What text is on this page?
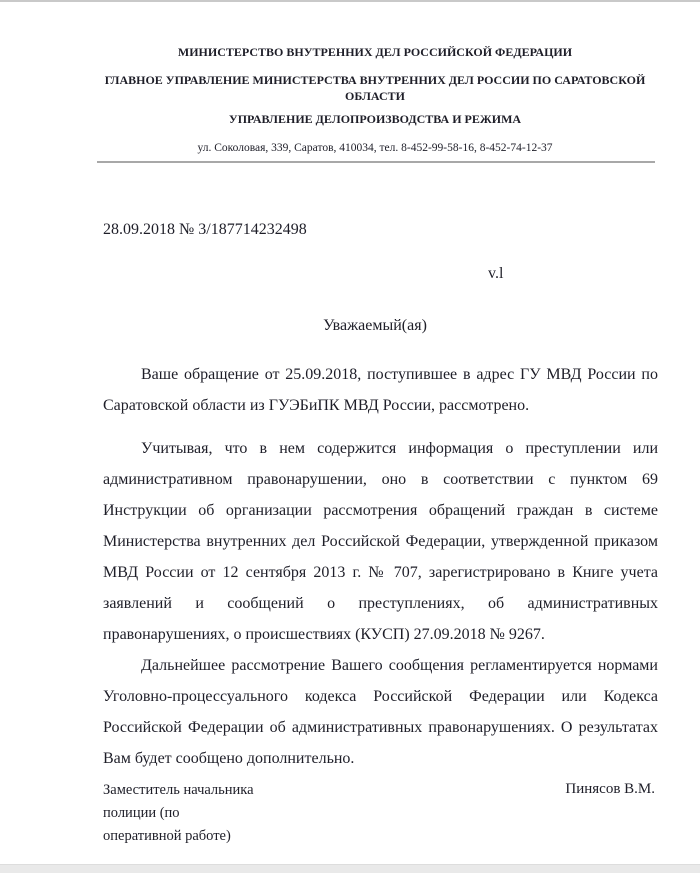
МИНИСТЕРСТВО ВНУТРЕННИХ ДЕЛ РОССИЙСКОЙ ФЕДЕРАЦИИ
ГЛАВНОЕ УПРАВЛЕНИЕ МИНИСТЕРСТВА ВНУТРЕННИХ ДЕЛ РОССИИ ПО САРАТОВСКОЙ ОБЛАСТИ
УПРАВЛЕНИЕ ДЕЛОПРОИЗВОДСТВА И РЕЖИМА
ул. Соколовая, 339, Саратов, 410034, тел. 8-452-99-58-16, 8-452-74-12-37
28.09.2018 № 3/187714232498
v.l
Уважаемый(ая)

Ваше обращение от 25.09.2018, поступившее в адрес ГУ МВД России по Саратовской области из ГУЭБиПК МВД России, рассмотрено.

Учитывая, что в нем содержится информация о преступлении или административном правонарушении, оно в соответствии с пунктом 69 Инструкции об организации рассмотрения обращений граждан в системе Министерства внутренних дел Российской Федерации, утвержденной приказом МВД России от 12 сентября 2013 г. № 707, зарегистрировано в Книге учета заявлений и сообщений о преступлениях, об административных правонарушениях, о происшествиях (КУСП) 27.09.2018 № 9267.

Дальнейшее рассмотрение Вашего сообщения регламентируется нормами Уголовно-процессуального кодекса Российской Федерации или Кодекса Российской Федерации об административных правонарушениях. О результатах Вам будет сообщено дополнительно.

Заместитель начальника
полиции (по
оперативной работе)
Пинясов В.М.
